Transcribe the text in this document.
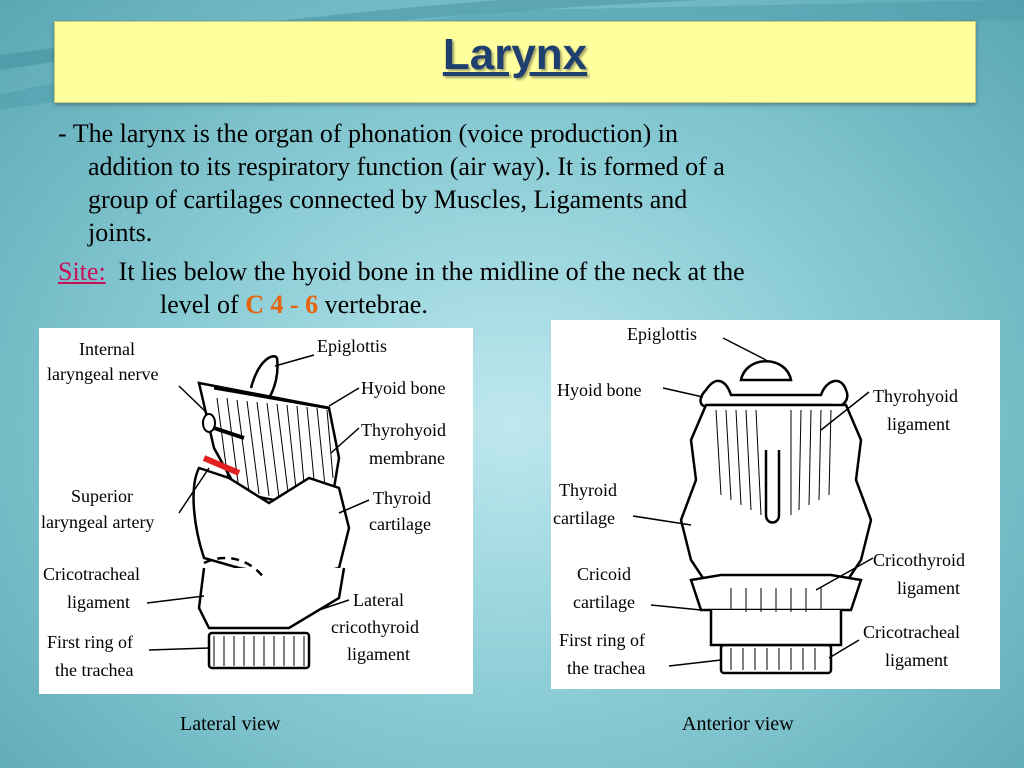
Larynx
- The larynx is the organ of phonation (voice production) in
addition to its respiratory function (air way). It is formed of a
group of cartilages connected by Muscles, Ligaments and
joints.
Site: It lies below the hyoid bone in the midline of the neck at the
level of C 4 - 6 vertebrae.
Internal
laryngeal nerve
Epiglottis
Hyoid bone
Thyrohyoid
membrane
Thyroid
cartilage
Superior
laryngeal artery
Cricotracheal
ligament	Lateral
cricothyroid
ligament
First ring of
the trachea
Epiglottis
Hyoid bone	Thyrohyoid
ligament
Thyroid
cartilage
Cricothyroid
ligament
Cricoid
cartilage
First ring of
the trachea
Cricotracheal
ligament
Lateral view	Anterior view
